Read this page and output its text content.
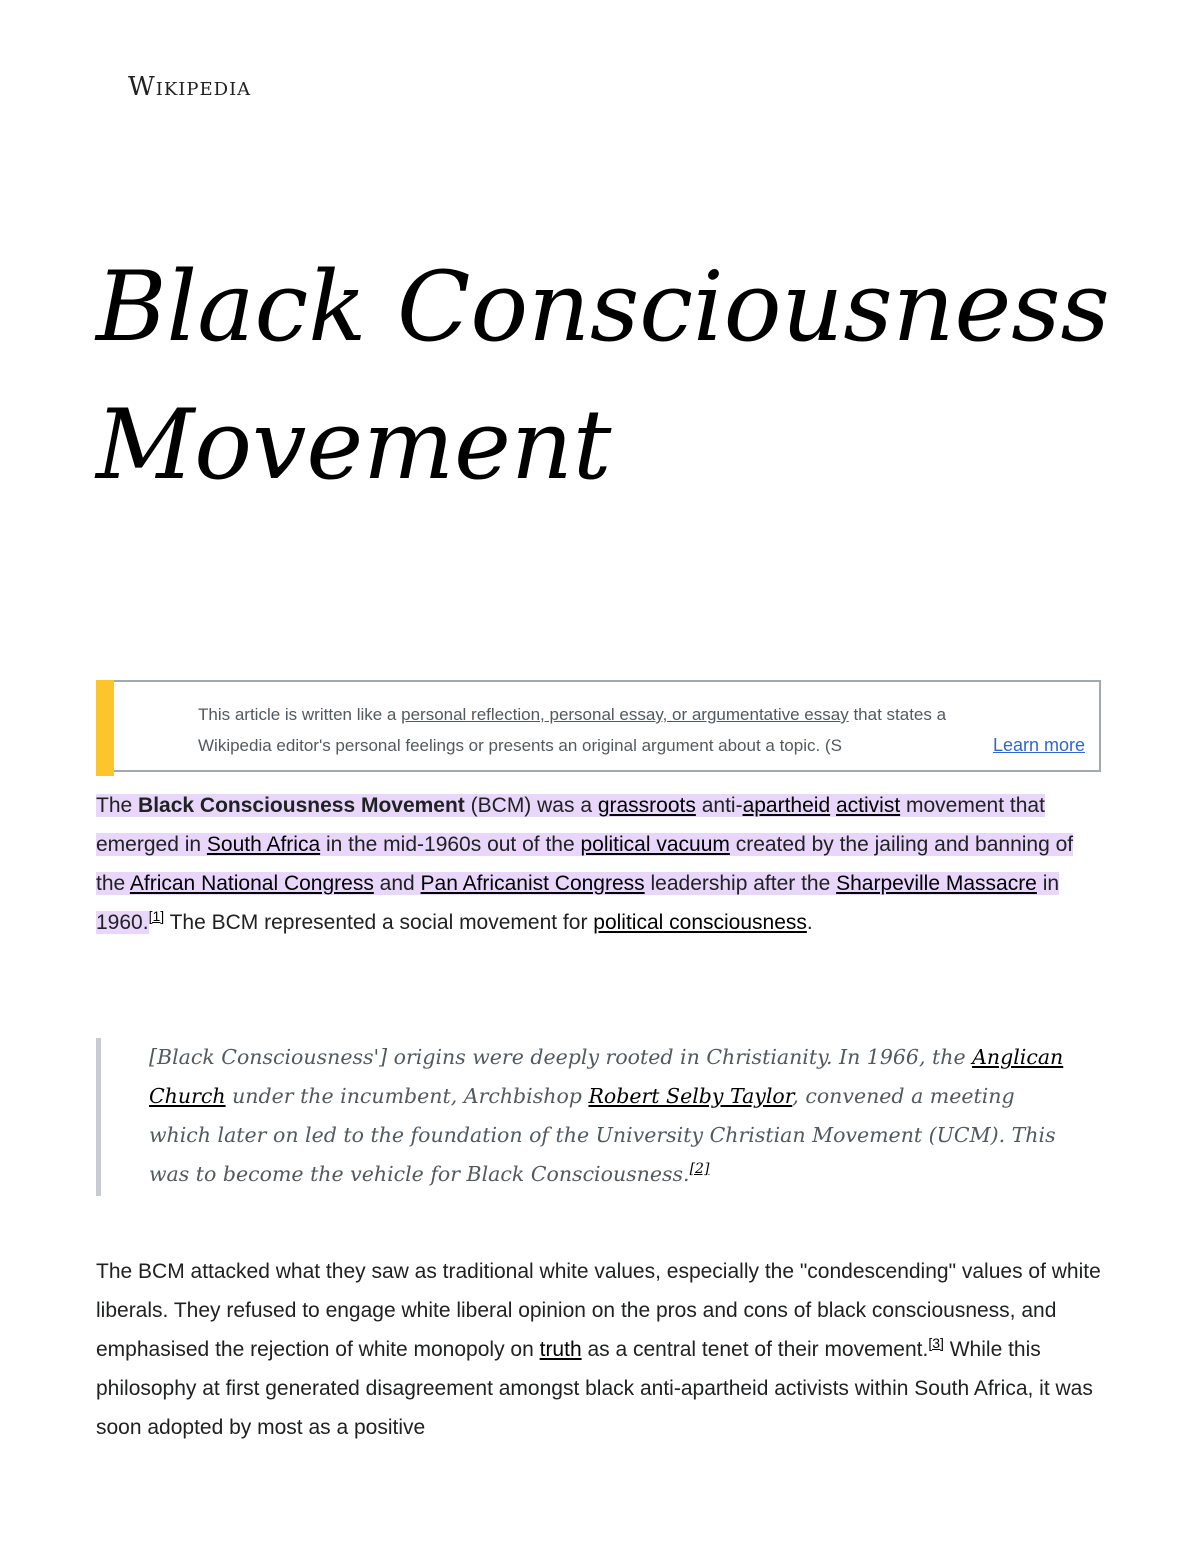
Wikipedia
Black Consciousness Movement
This article is written like a personal reflection, personal essay, or argumentative essay that states a Wikipedia editor's personal feelings or presents an original argument about a topic. (S	Learn more

The Black Consciousness Movement (BCM) was a grassroots anti-apartheid activist movement that emerged in South Africa in the mid-1960s out of the political vacuum created by the jailing and banning of the African National Congress and Pan Africanist Congress leadership after the Sharpeville Massacre in 1960.[1] The BCM represented a social movement for political consciousness.

[Black Consciousness'] origins were deeply rooted in Christianity. In 1966, the Anglican Church under the incumbent, Archbishop Robert Selby Taylor, convened a meeting which later on led to the foundation of the University Christian Movement (UCM). This was to become the vehicle for Black Consciousness.[2]

The BCM attacked what they saw as traditional white values, especially the "condescending" values of white liberals. They refused to engage white liberal opinion on the pros and cons of black consciousness, and emphasised the rejection of white monopoly on truth as a central tenet of their movement.[3] While this philosophy at first generated disagreement amongst black anti-apartheid activists within South Africa, it was soon adopted by most as a positive
